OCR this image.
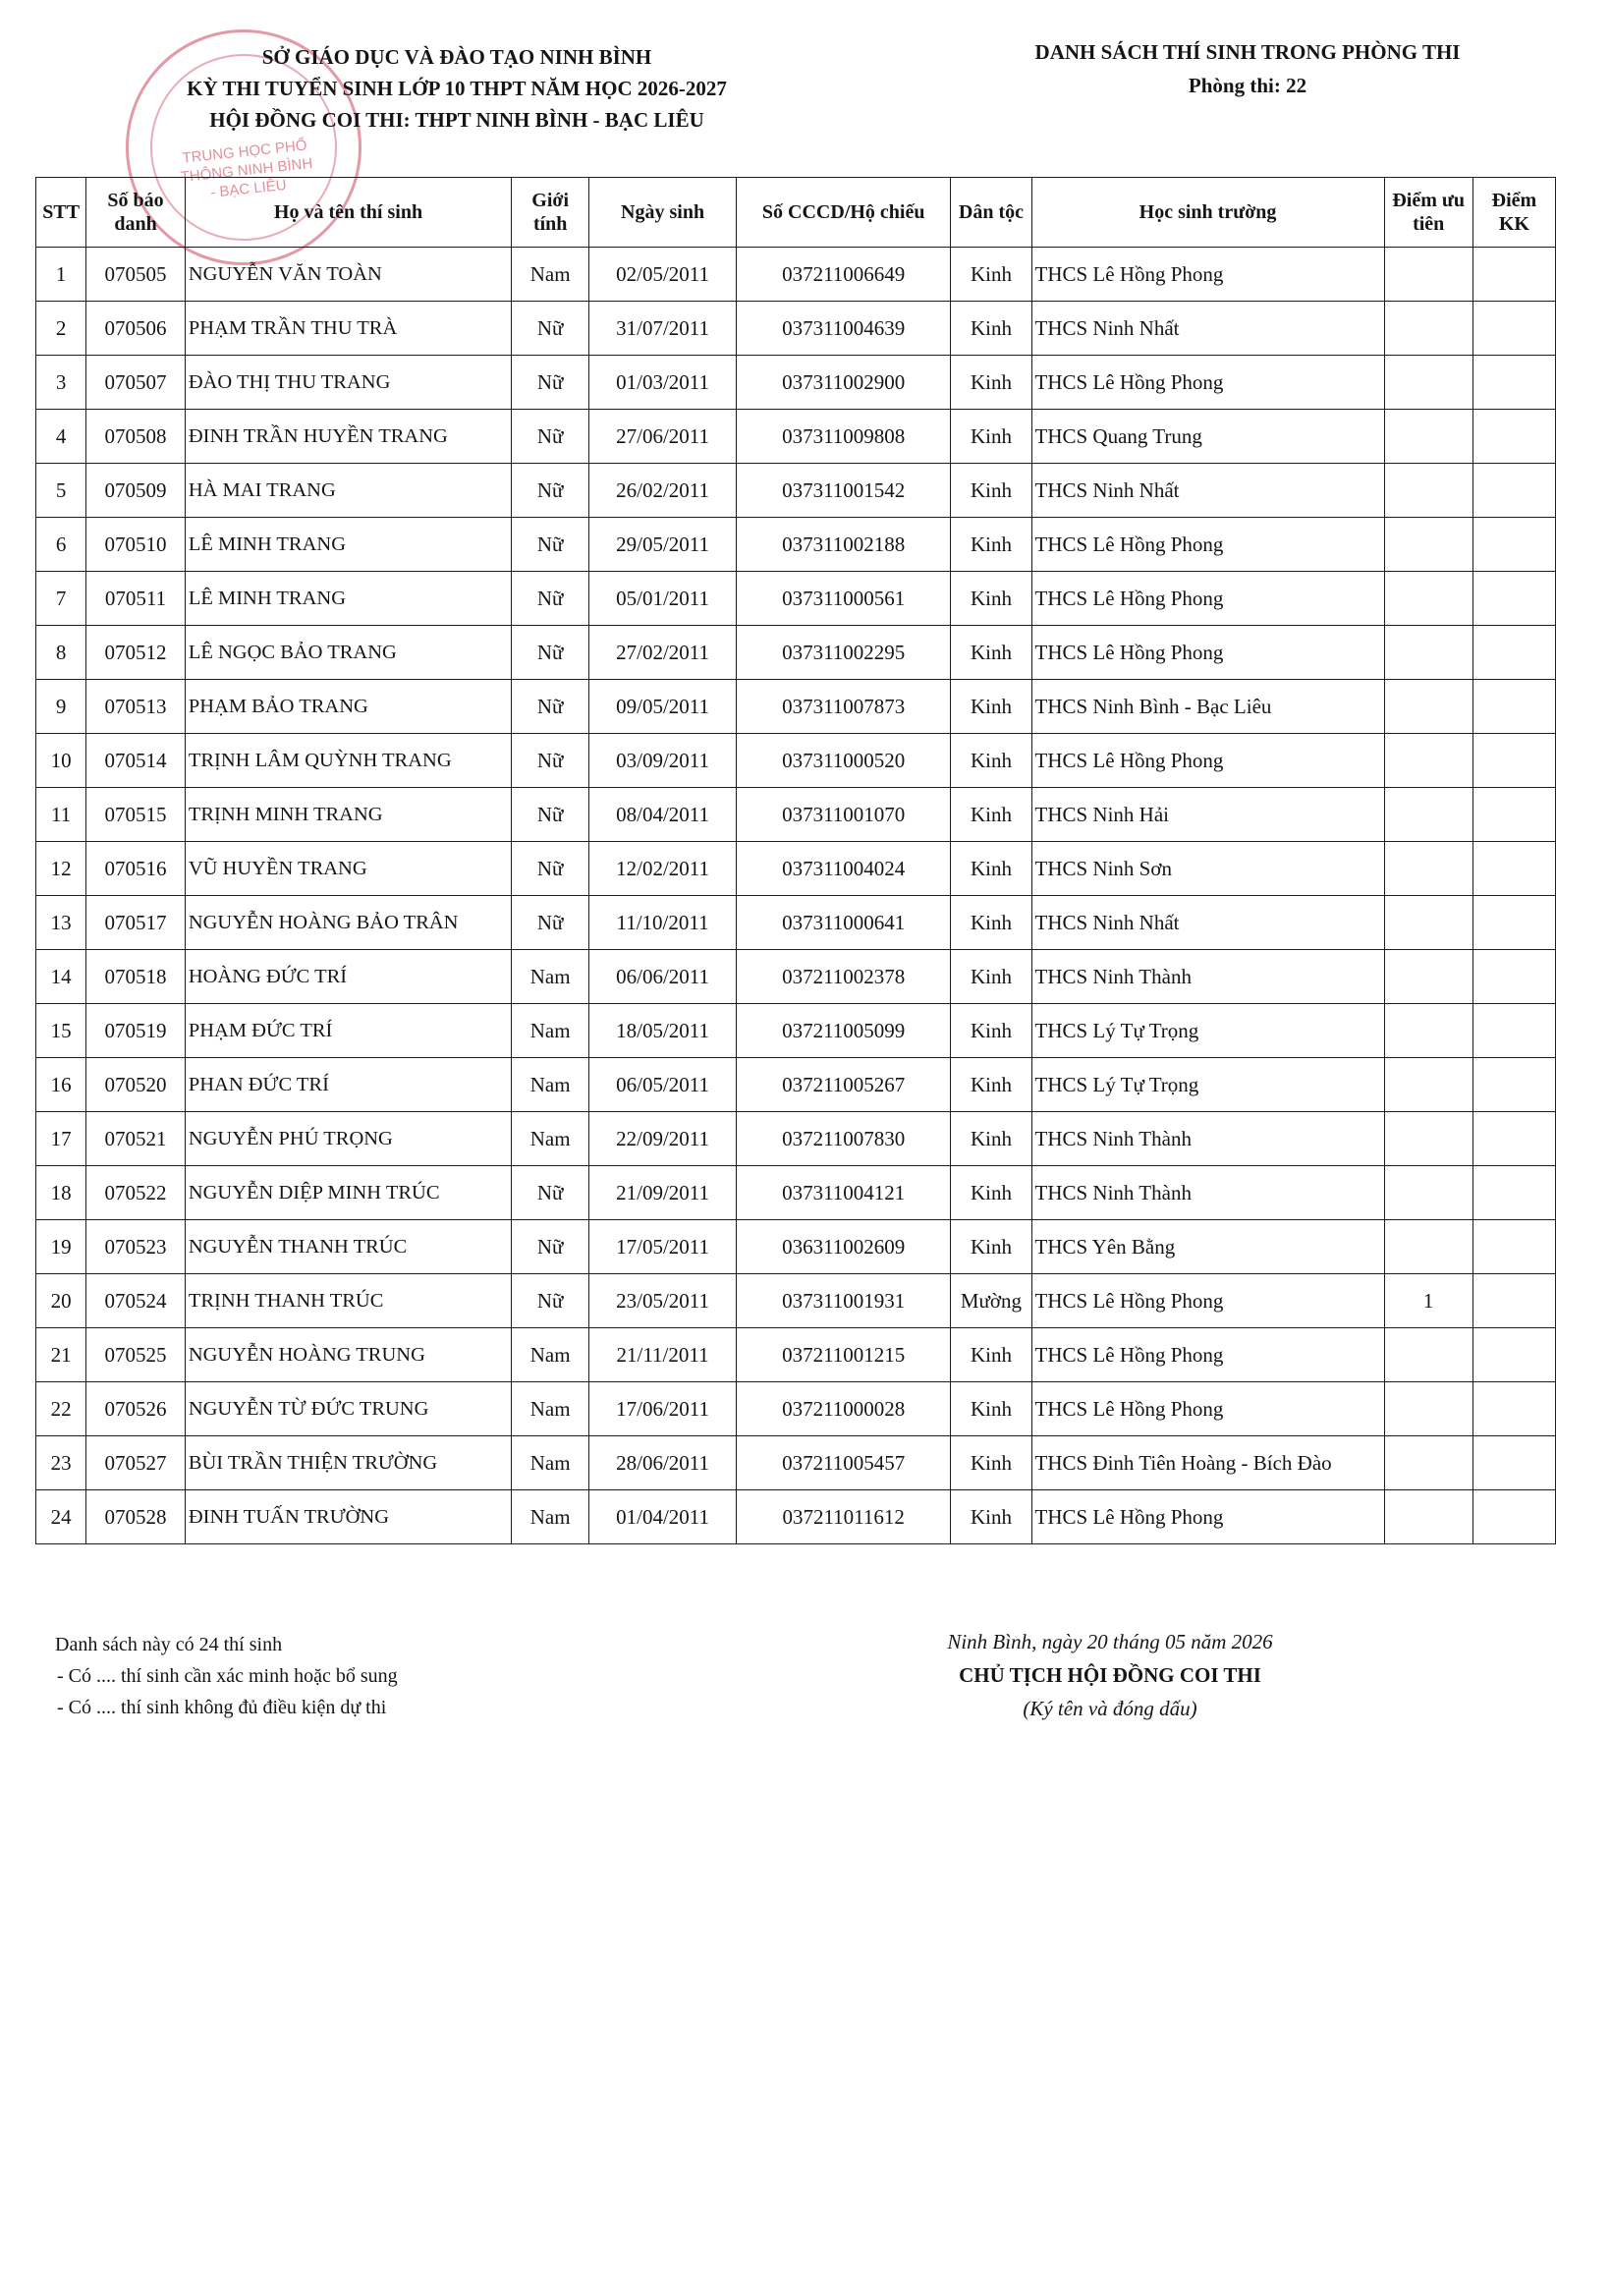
TRUNG HỌC PHỔ THÔNG NINH BÌNH - BẠC LIÊU
SỞ GIÁO DỤC VÀ ĐÀO TẠO NINH BÌNH
KỲ THI TUYỂN SINH LỚP 10 THPT NĂM HỌC 2026-2027
HỘI ĐỒNG COI THI: THPT NINH BÌNH - BẠC LIÊU
DANH SÁCH THÍ SINH TRONG PHÒNG THI
Phòng thi: 22
STT	Số báo danh	Họ và tên thí sinh	Giới tính	Ngày sinh	Số CCCD/Hộ chiếu	Dân tộc	Học sinh trường	Điểm ưu tiên	Điểm KK
1	070505	NGUYỄN VĂN TOÀN	Nam	02/05/2011	037211006649	Kinh	THCS Lê Hồng Phong		
2	070506	PHẠM TRẦN THU TRÀ	Nữ	31/07/2011	037311004639	Kinh	THCS Ninh Nhất		
3	070507	ĐÀO THỊ THU TRANG	Nữ	01/03/2011	037311002900	Kinh	THCS Lê Hồng Phong		
4	070508	ĐINH TRẦN HUYỀN TRANG	Nữ	27/06/2011	037311009808	Kinh	THCS Quang Trung		
5	070509	HÀ MAI TRANG	Nữ	26/02/2011	037311001542	Kinh	THCS Ninh Nhất		
6	070510	LÊ MINH TRANG	Nữ	29/05/2011	037311002188	Kinh	THCS Lê Hồng Phong		
7	070511	LÊ MINH TRANG	Nữ	05/01/2011	037311000561	Kinh	THCS Lê Hồng Phong		
8	070512	LÊ NGỌC BẢO TRANG	Nữ	27/02/2011	037311002295	Kinh	THCS Lê Hồng Phong		
9	070513	PHẠM BẢO TRANG	Nữ	09/05/2011	037311007873	Kinh	THCS Ninh Bình - Bạc Liêu		
10	070514	TRỊNH LÂM QUỲNH TRANG	Nữ	03/09/2011	037311000520	Kinh	THCS Lê Hồng Phong		
11	070515	TRỊNH MINH TRANG	Nữ	08/04/2011	037311001070	Kinh	THCS Ninh Hải		
12	070516	VŨ HUYỀN TRANG	Nữ	12/02/2011	037311004024	Kinh	THCS Ninh Sơn		
13	070517	NGUYỄN HOÀNG BẢO TRÂN	Nữ	11/10/2011	037311000641	Kinh	THCS Ninh Nhất		
14	070518	HOÀNG ĐỨC TRÍ	Nam	06/06/2011	037211002378	Kinh	THCS Ninh Thành		
15	070519	PHẠM ĐỨC TRÍ	Nam	18/05/2011	037211005099	Kinh	THCS Lý Tự Trọng		
16	070520	PHAN ĐỨC TRÍ	Nam	06/05/2011	037211005267	Kinh	THCS Lý Tự Trọng		
17	070521	NGUYỄN PHÚ TRỌNG	Nam	22/09/2011	037211007830	Kinh	THCS Ninh Thành		
18	070522	NGUYỄN DIỆP MINH TRÚC	Nữ	21/09/2011	037311004121	Kinh	THCS Ninh Thành		
19	070523	NGUYỄN THANH TRÚC	Nữ	17/05/2011	036311002609	Kinh	THCS Yên Bằng		
20	070524	TRỊNH THANH TRÚC	Nữ	23/05/2011	037311001931	Mường	THCS Lê Hồng Phong	1	
21	070525	NGUYỄN HOÀNG TRUNG	Nam	21/11/2011	037211001215	Kinh	THCS Lê Hồng Phong		
22	070526	NGUYỄN TỪ ĐỨC TRUNG	Nam	17/06/2011	037211000028	Kinh	THCS Lê Hồng Phong		
23	070527	BÙI TRẦN THIỆN TRƯỜNG	Nam	28/06/2011	037211005457	Kinh	THCS Đinh Tiên Hoàng - Bích Đào		
24	070528	ĐINH TUẤN TRƯỜNG	Nam	01/04/2011	037211011612	Kinh	THCS Lê Hồng Phong		
Danh sách này có 24 thí sinh
- Có .... thí sinh cần xác minh hoặc bổ sung
- Có .... thí sinh không đủ điều kiện dự thi
Ninh Bình, ngày 20 tháng 05 năm 2026
CHỦ TỊCH HỘI ĐỒNG COI THI
(Ký tên và đóng dấu)
